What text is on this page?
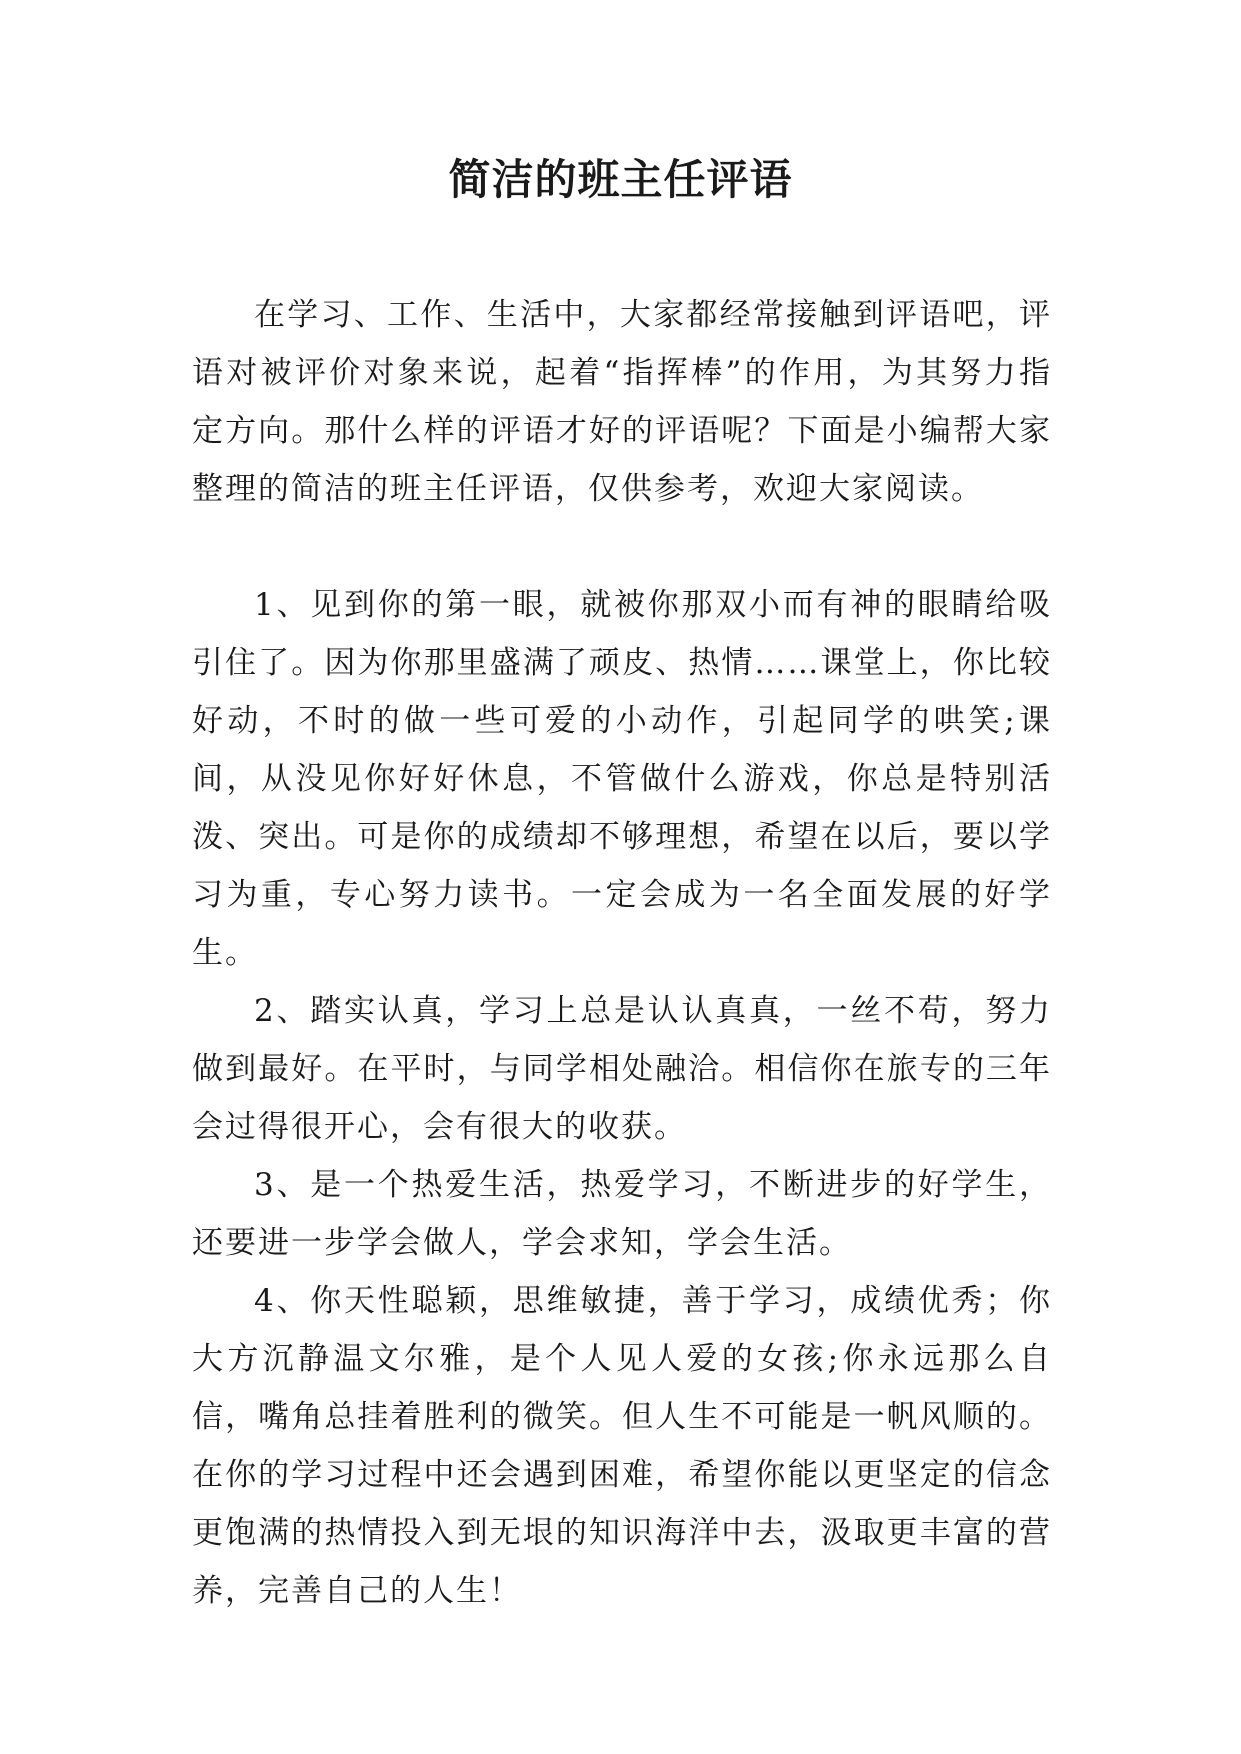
简洁的班主任评语

在学习、工作、生活中，大家都经常接触到评语吧，评语对被评价对象来说，起着“指挥棒”的作用，为其努力指定方向。那什么样的评语才好的评语呢？下面是小编帮大家整理的简洁的班主任评语，仅供参考，欢迎大家阅读。

1、见到你的第一眼，就被你那双小而有神的眼睛给吸引住了。因为你那里盛满了顽皮、热情……课堂上，你比较好动，不时的做一些可爱的小动作，引起同学的哄笑;课间，从没见你好好休息，不管做什么游戏，你总是特别活泼、突出。可是你的成绩却不够理想，希望在以后，要以学习为重，专心努力读书。一定会成为一名全面发展的好学生。

2、踏实认真，学习上总是认认真真，一丝不苟，努力做到最好。在平时，与同学相处融洽。相信你在旅专的三年会过得很开心，会有很大的收获。

3、是一个热爱生活，热爱学习，不断进步的好学生，还要进一步学会做人，学会求知，学会生活。

4、你天性聪颖，思维敏捷，善于学习，成绩优秀；你大方沉静温文尔雅，是个人见人爱的女孩;你永远那么自信，嘴角总挂着胜利的微笑。但人生不可能是一帆风顺的。在你的学习过程中还会遇到困难，希望你能以更坚定的信念更饱满的热情投入到无垠的知识海洋中去，汲取更丰富的营养，完善自己的人生！
